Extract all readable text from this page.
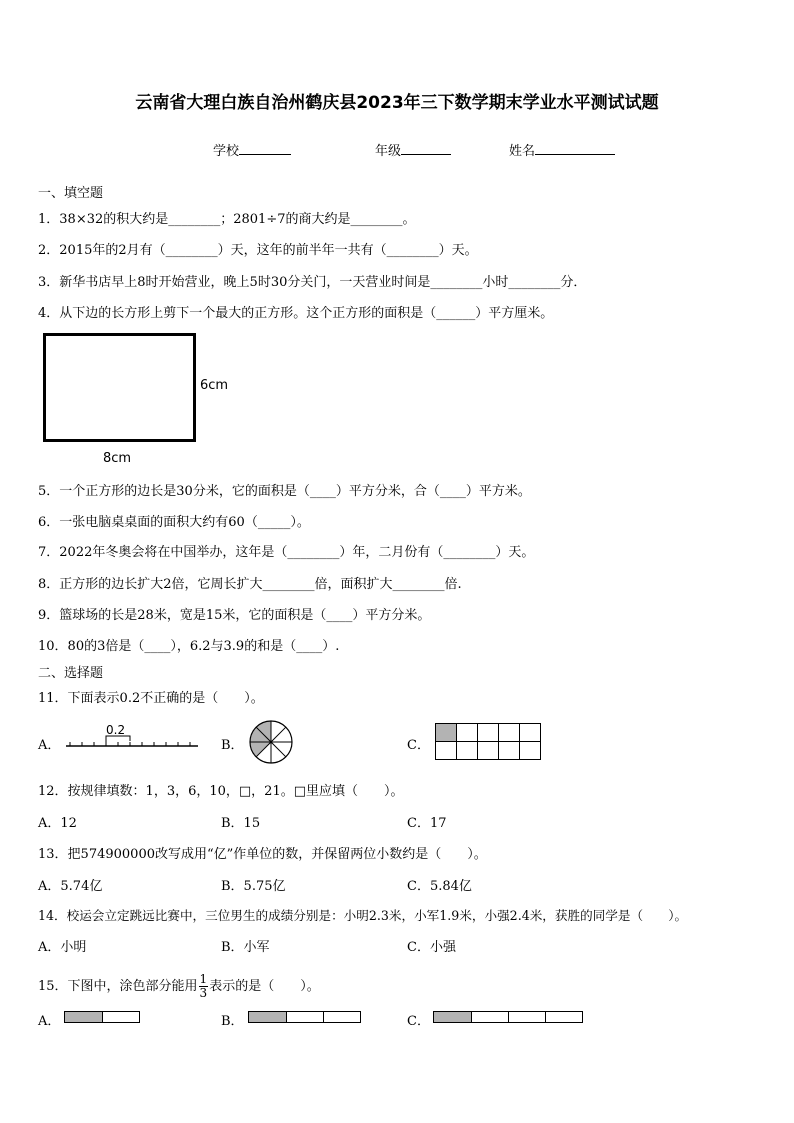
云南省大理白族自治州鹤庆县2023年三下数学期末学业水平测试试题
学校	年级	姓名
一、填空题
1．38×32的积大约是________；2801÷7的商大约是________。
2．2015年的2月有（________）天，这年的前半年一共有（________）天。
3．新华书店早上8时开始营业，晚上5时30分关门，一天营业时间是________小时________分．
4．从下边的长方形上剪下一个最大的正方形。这个正方形的面积是（______）平方厘米。
6cm
8cm
5．一个正方形的边长是30分米，它的面积是（____）平方分米，合（____）平方米。
6．一张电脑桌桌面的面积大约有60（_____）。
7．2022年冬奥会将在中国举办，这年是（________）年，二月份有（________）天。
8．正方形的边长扩大2倍，它周长扩大________倍，面积扩大________倍.
9．篮球场的长是28米，宽是15米，它的面积是（____）平方分米。
10．80的3倍是（____），6.2与3.9的和是（____）.
二、选择题
11．下面表示0.2不正确的是（　　）。
A．
0.2
B．	C．
12．按规律填数：1，3，6，10，□，21。□里应填（　　）。
A．12	B．15	C．17
13．把574900000改写成用“亿”作单位的数，并保留两位小数约是（　　）。
A．5.74亿	B．5.75亿	C．5.84亿
14．校运会立定跳远比赛中，三位男生的成绩分别是：小明2.3米，小军1.9米，小强2.4米，获胜的同学是（　　）。
A．小明	B．小军	C．小强
15．下图中，涂色部分能用 $\frac{1}{3}$ 表示的是（　　）。
A．	B．	C．
